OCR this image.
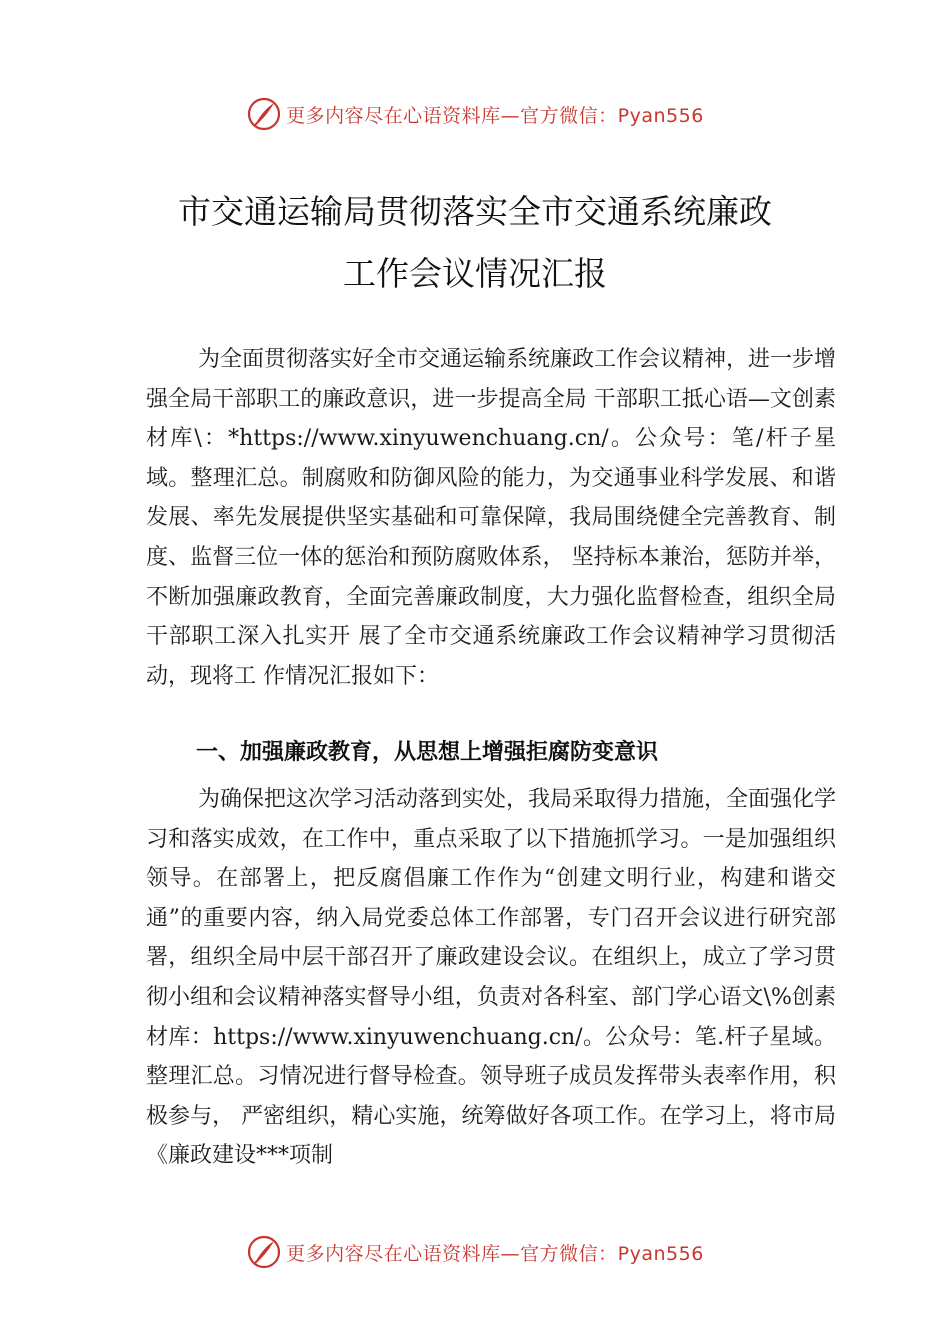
更多内容尽在心语资料库—官方微信：Pyan556
市交通运输局贯彻落实全市交通系统廉政
工作会议情况汇报

为全面贯彻落实好全市交通运输系统廉政工作会议精神，进一步增强全局干部职工的廉政意识，进一步提高全局 干部职工抵心语—文创素材库\：*https://www.xinyuwenchuang.cn/。公众号：笔/杆子星域。整理汇总。制腐败和防御风险的能力，为交通事业科学发展、和谐发展、率先发展提供坚实基础和可靠保障，我局围绕健全完善教育、制度、监督三位一体的惩治和预防腐败体系， 坚持标本兼治，惩防并举，不断加强廉政教育，全面完善廉政制度，大力强化监督检查，组织全局干部职工深入扎实开 展了全市交通系统廉政工作会议精神学习贯彻活动，现将工 作情况汇报如下：

一、加强廉政教育，从思想上增强拒腐防变意识

为确保把这次学习活动落到实处，我局采取得力措施，全面强化学习和落实成效，在工作中，重点采取了以下措施抓学习。一是加强组织领导。在部署上，把反腐倡廉工作作为“创建文明行业，构建和谐交通”的重要内容，纳入局党委总体工作部署，专门召开会议进行研究部署，组织全局中层干部召开了廉政建设会议。在组织上，成立了学习贯彻小组和会议精神落实督导小组，负责对各科室、部门学心语文\%创素材库：https://www.xinyuwenchuang.cn/。公众号：笔.杆子星域。整理汇总。习情况进行督导检查。领导班子成员发挥带头表率作用，积极参与， 严密组织，精心实施，统筹做好各项工作。在学习上，将市局《廉政建设***项制

更多内容尽在心语资料库—官方微信：Pyan556
